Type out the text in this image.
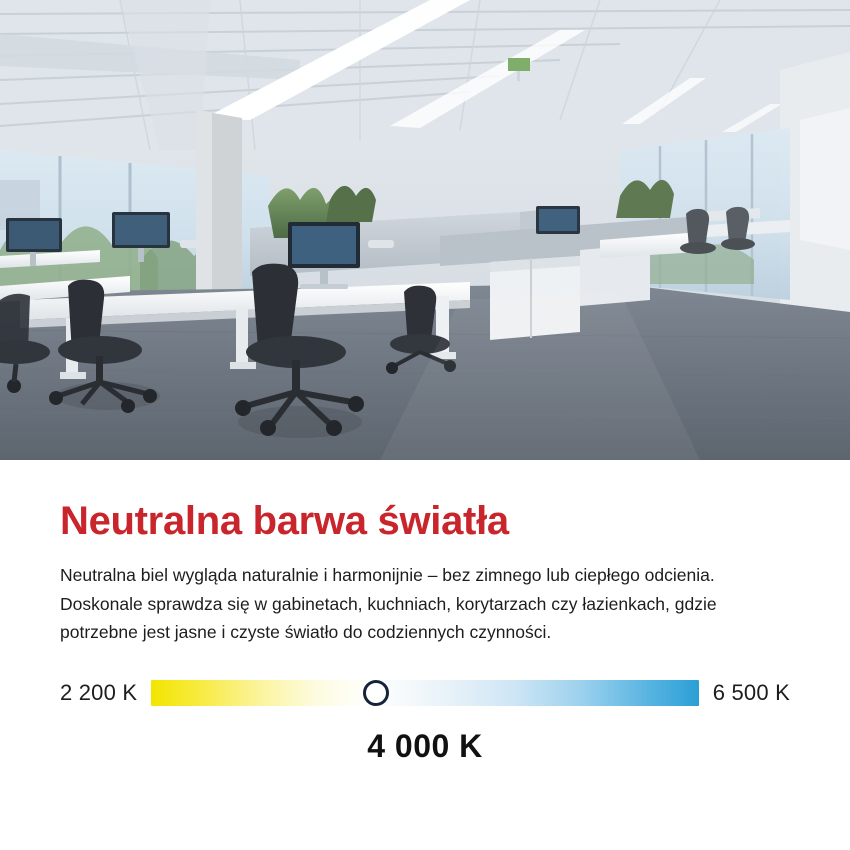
Neutralna barwa światła

Neutralna biel wygląda naturalnie i harmonijnie – bez zimnego lub ciepłego odcienia. Doskonale sprawdza się w gabinetach, kuchniach, korytarzach czy łazienkach, gdzie potrzebne jest jasne i czyste światło do codziennych czynności.

2 200 K	6 500 K
4 000 K
